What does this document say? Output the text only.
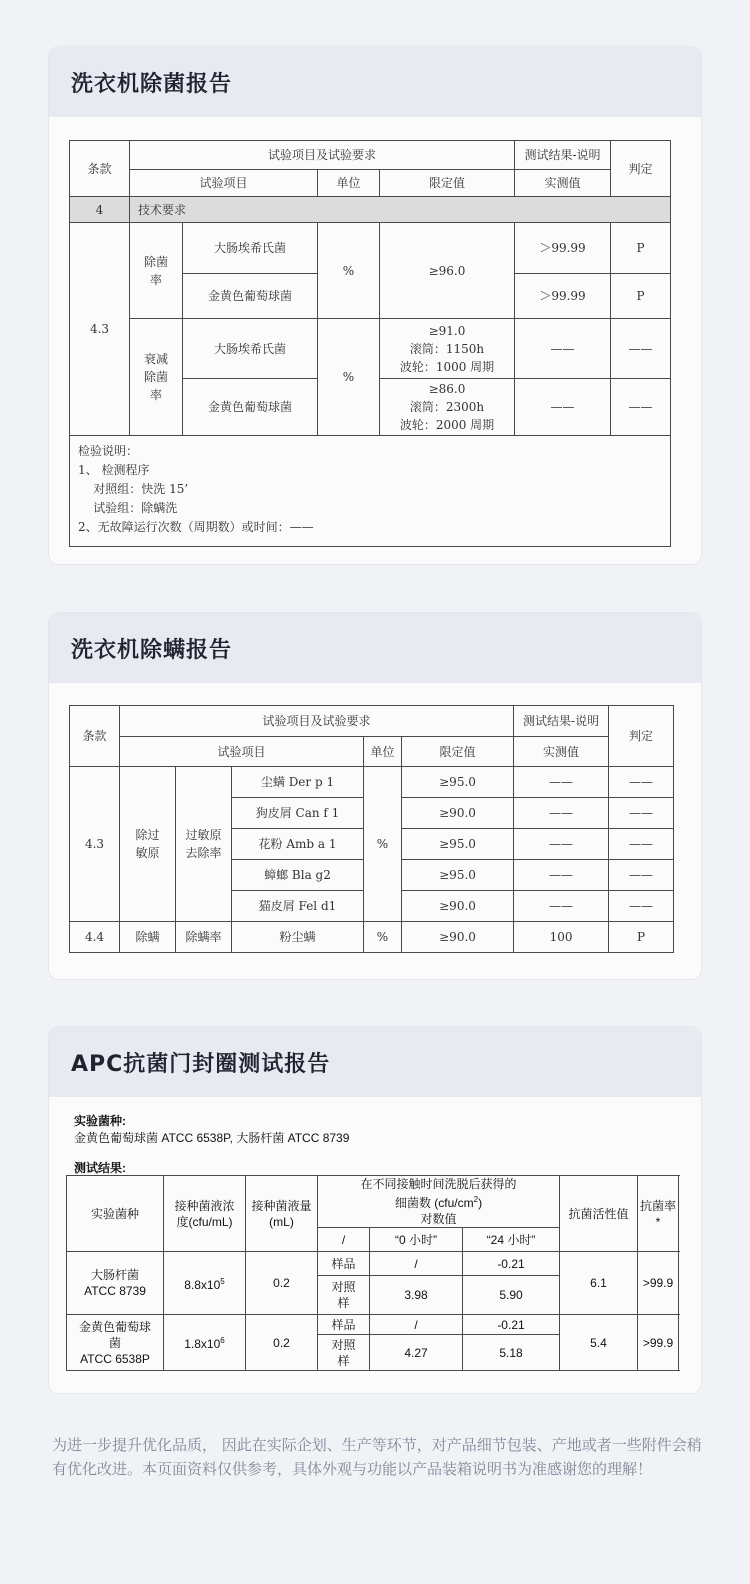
洗衣机除菌报告
条款	试验项目及试验要求				测试结果-说明	判定
	试验项目		单位	限定值	实测值	
4	技术要求					
4.3	除菌率	大肠埃希氏菌	%	≥96.0	＞99.99	P
		金黄色葡萄球菌			＞99.99	P
	衰减除菌率	大肠埃希氏菌	%	≥91.0
滚筒：1150h
波轮：1000 周期	——	——
		金黄色葡萄球菌		≥86.0
滚筒：2300h
波轮：2000 周期	——	——

检验说明：
1、 检测程序
对照组：快洗 15’
试验组：除螨洗
2、无故障运行次数（周期数）或时间：——						
洗衣机除螨报告
条款	试验项目及试验要求					测试结果-说明	判定
	试验项目			单位	限定值	实测值	
4.3	除过敏原	过敏原去除率	尘螨 Der p 1	%	≥95.0	——	——
			狗皮屑 Can f 1		≥90.0	——	——
			花粉 Amb a 1		≥95.0	——	——
			蟑螂 Bla g2		≥95.0	——	——
			猫皮屑 Fel d1		≥90.0	——	——
4.4	除螨	除螨率	粉尘螨	%	≥90.0	100	P
APC抗菌门封圈测试报告
实验菌种:
金黄色葡萄球菌 ATCC 6538P, 大肠杆菌 ATCC 8739
测试结果:
实验菌种	接种菌液浓度(cfu/mL)	接种菌液量(mL)	在不同接触时间洗脱后获得的
细菌数 $(cfu/cm^2)$
对数值			抗菌活性值	抗菌率*
			/	“0 小时”	“24 小时”		

大肠杆菌
ATCC 8739	$8.8x10^5$	0.2	样品	/	-0.21	6.1	>99.9
			对照样	3.98	5.90		

金黄色葡萄球
菌
ATCC 6538P	$1.8x10^6$	0.2	样品	/	-0.21	5.4	>99.9
			对照样	4.27	5.18		
为进一步提升优化品质， 因此在实际企划、生产等环节，对产品细节包装、产地或者一些附件会稍有优化改进。本页面资料仅供参考，具体外观与功能以产品装箱说明书为准感谢您的理解！
